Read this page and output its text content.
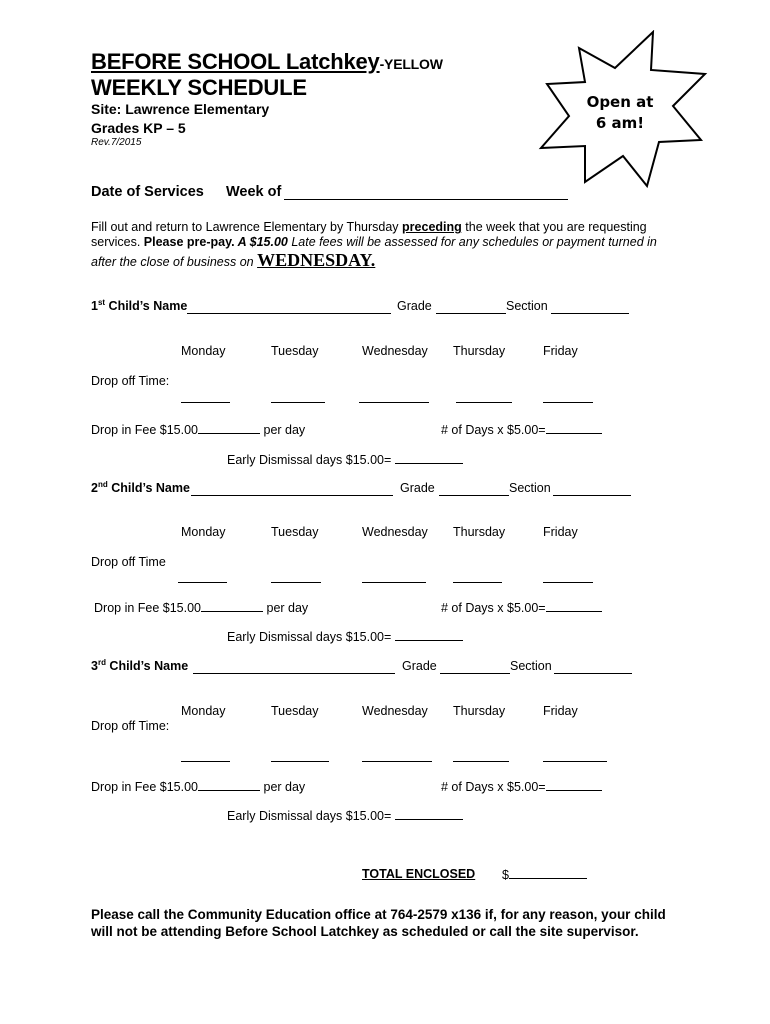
BEFORE SCHOOL Latchkey-YELLOW
WEEKLY SCHEDULE
Site: Lawrence Elementary
Grades KP – 5
Rev.7/2015
Open at
6 am!
Date of Services Week of
Fill out and return to Lawrence Elementary by Thursday preceding the week that you are requesting
services. Please pre-pay. A $15.00 Late fees will be assessed for any schedules or payment turned in
after the close of business on WEDNESDAY.
1st Child’s Name	Grade	Section
Monday	Tuesday	Wednesday Thursday	Friday
Drop off Time:
Drop in Fee $15.00	per day	# of Days x $5.00=
Early Dismissal days $15.00=
2nd Child’s Name	Grade	Section
Monday	Tuesday	Wednesday Thursday	Friday
Drop off Time
Drop in Fee $15.00	per day	# of Days x $5.00=
Early Dismissal days $15.00=
3rd Child’s Name	Grade	Section
Monday	Tuesday	Wednesday Thursday	Friday
Drop off Time:
Drop in Fee $15.00	per day	# of Days x $5.00=
Early Dismissal days $15.00=
TOTAL ENCLOSED $
Please call the Community Education office at 764-2579 x136 if, for any reason, your child will not be attending Before School Latchkey as scheduled or call the site supervisor.
